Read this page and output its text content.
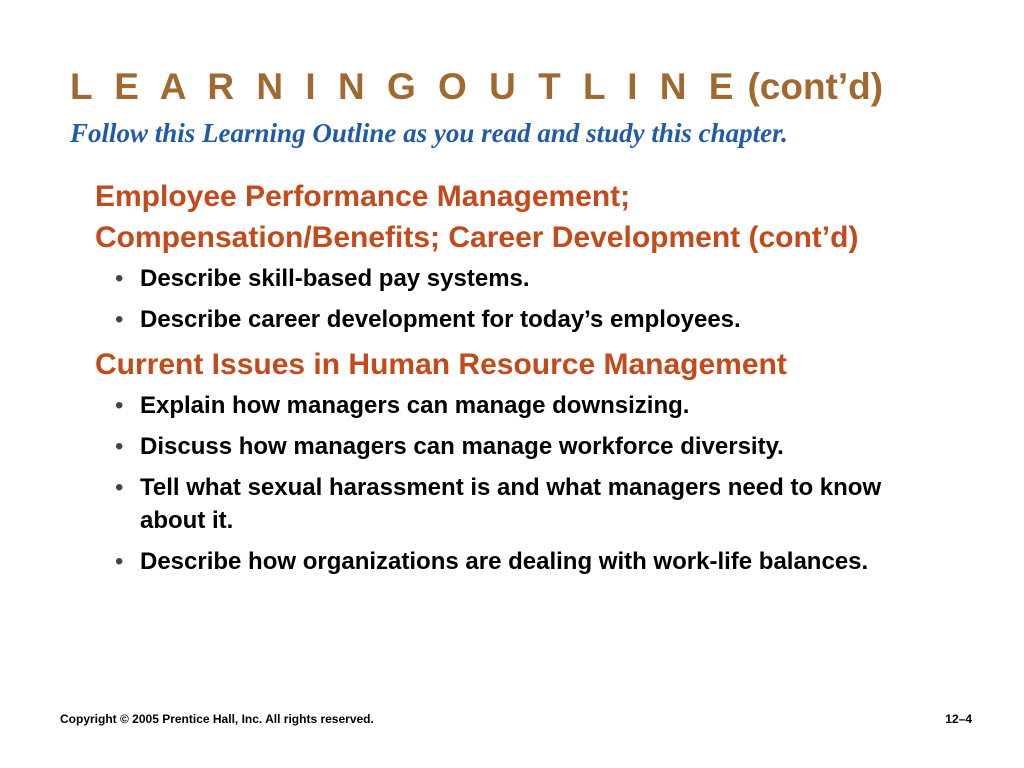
L E A R N I N G O U T L I N E (cont’d)

Follow this Learning Outline as you read and study this chapter.

Employee Performance Management; Compensation/Benefits; Career Development (cont’d)
• Describe skill-based pay systems.
• Describe career development for today’s employees.
Current Issues in Human Resource Management
• Explain how managers can manage downsizing.
• Discuss how managers can manage workforce diversity.
• Tell what sexual harassment is and what managers need to know about it.
• Describe how organizations are dealing with work-life balances.
Copyright © 2005 Prentice Hall, Inc. All rights reserved.	12–4
